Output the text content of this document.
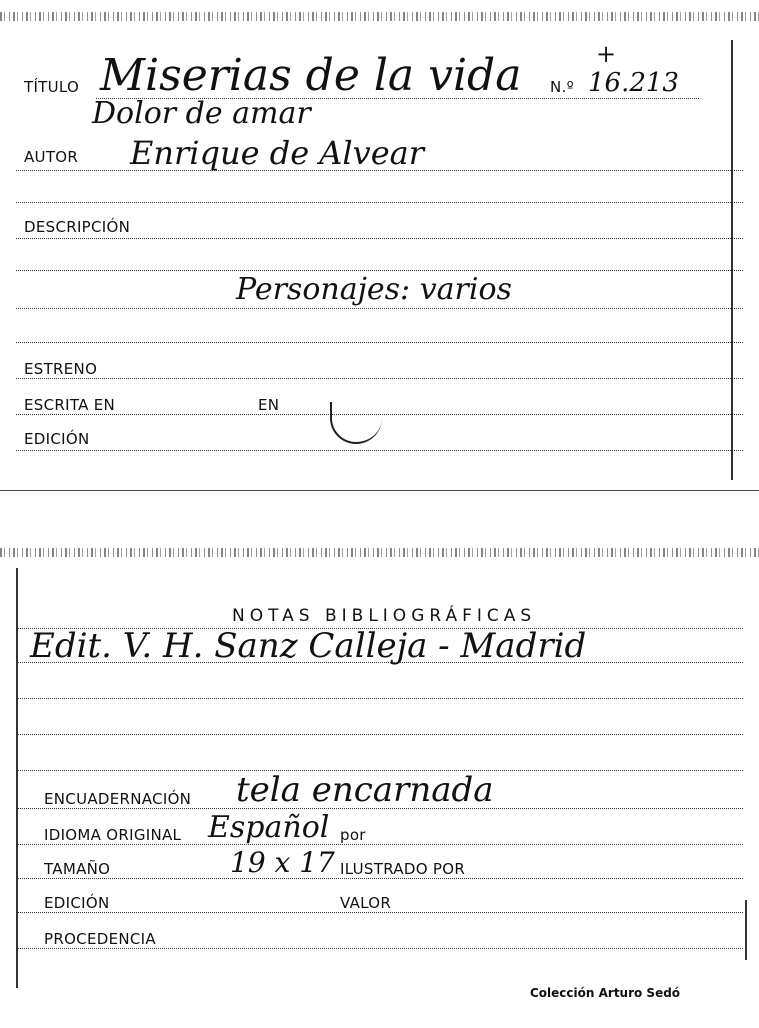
TÍTULO Miserias de la vida N.º
+
16.213
Dolor de amar
AUTOR Enrique de Alvear
DESCRIPCIÓN
Personajes: varios
ESTRENO
ESCRITA EN	EN
EDICIÓN
NOTAS BIBLIOGRÁFICAS
Edit. V. H. Sanz Calleja - Madrid
ENCUADERNACIÓN tela encarnada
IDIOMA ORIGINAL Español por
TAMAÑO	19 x 17 ILUSTRADO POR
EDICIÓN	VALOR
PROCEDENCIA
Colección Arturo Sedó
